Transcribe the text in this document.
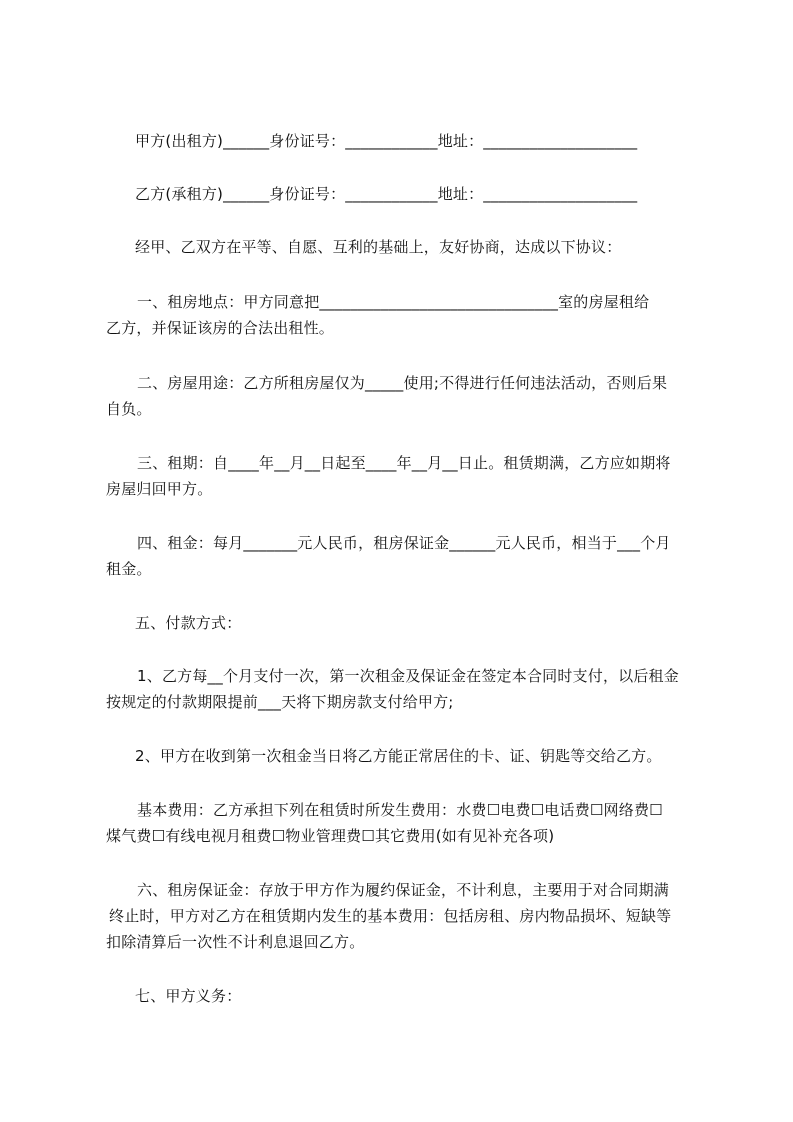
甲方(出租方)______身份证号：____________地址：____________________
乙方(承租方)______身份证号：____________地址：____________________
经甲、乙双方在平等、自愿、互利的基础上，友好协商，达成以下协议：
一、租房地点：甲方同意把_______________________________室的房屋租给
乙方，并保证该房的合法出租性。
二、房屋用途：乙方所租房屋仅为_____使用;不得进行任何违法活动，否则后果
自负。
三、租期：自____年__月__日起至____年__月__日止。租赁期满，乙方应如期将
房屋归回甲方。
四、租金：每月_______元人民币，租房保证金______元人民币，相当于___个月
租金。
五、付款方式：
1、乙方每__个月支付一次，第一次租金及保证金在签定本合同时支付，以后租金
按规定的付款期限提前___天将下期房款支付给甲方;
2、甲方在收到第一次租金当日将乙方能正常居住的卡、证、钥匙等交给乙方。
基本费用：乙方承担下列在租赁时所发生费用：水费☐电费☐电话费☐网络费☐
煤气费☐有线电视月租费☐物业管理费☐其它费用(如有见补充各项)
六、租房保证金：存放于甲方作为履约保证金，不计利息，主要用于对合同期满
终止时，甲方对乙方在租赁期内发生的基本费用：包括房租、房内物品损坏、短缺等
扣除清算后一次性不计利息退回乙方。
七、甲方义务：
